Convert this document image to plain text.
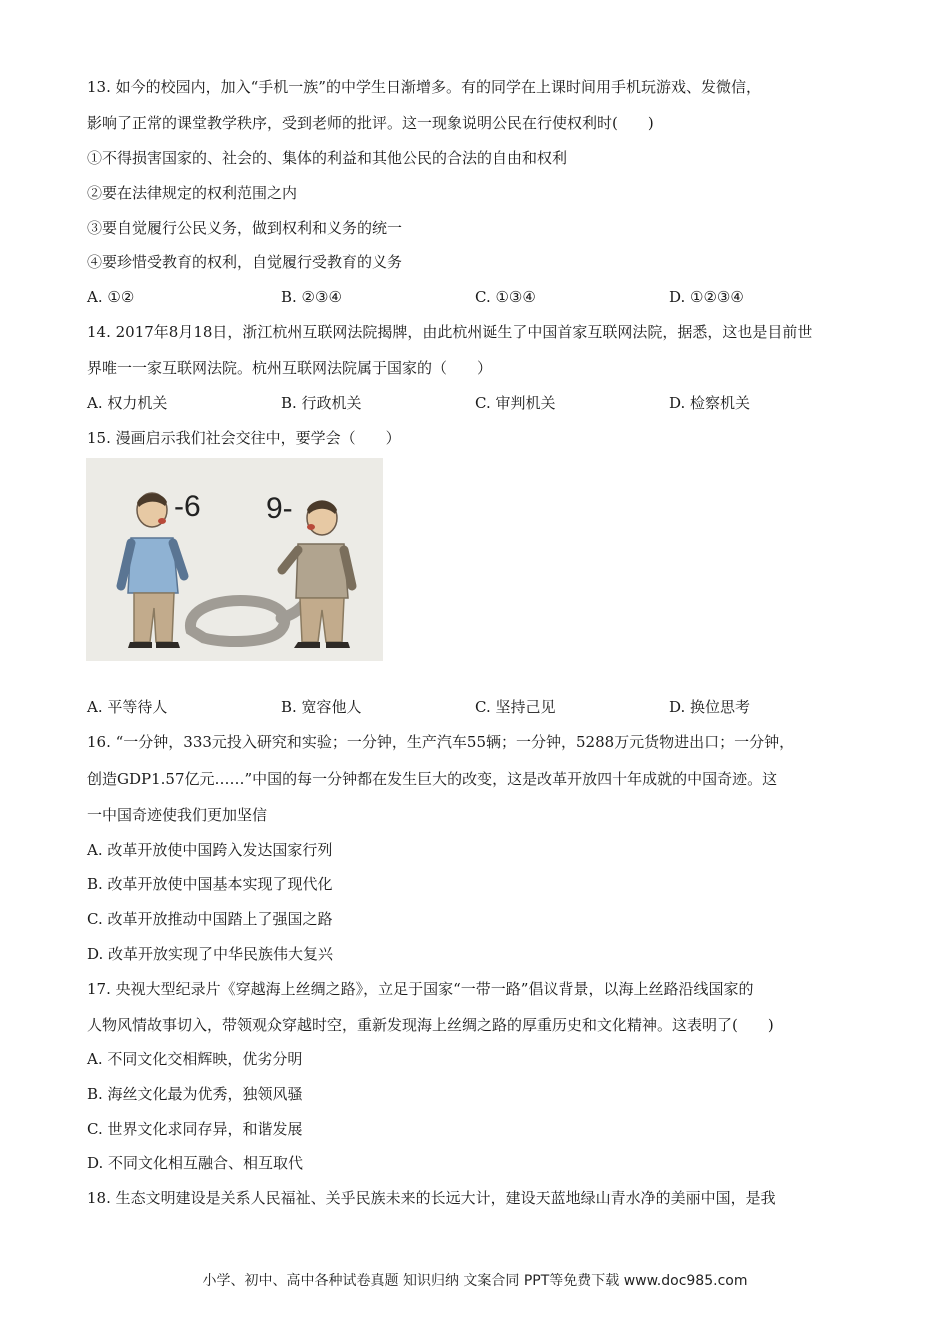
13. 如今的校园内，加入“手机一族”的中学生日渐增多。有的同学在上课时间用手机玩游戏、发微信，
影响了正常的课堂教学秩序，受到老师的批评。这一现象说明公民在行使权利时(　　)
①不得损害国家的、社会的、集体的利益和其他公民的合法的自由和权利
②要在法律规定的权利范围之内
③要自觉履行公民义务，做到权利和义务的统一
④要珍惜受教育的权利，自觉履行受教育的义务
A. ①②	B. ②③④	C. ①③④	D. ①②③④
14. 2017年8月18日，浙江杭州互联网法院揭牌，由此杭州诞生了中国首家互联网法院，据悉，这也是目前世
界唯一一家互联网法院。杭州互联网法院属于国家的（　　）
A. 权力机关	B. 行政机关	C. 审判机关	D. 检察机关
15. 漫画启示我们社会交往中，要学会（　　）
-6 9-
A. 平等待人	B. 宽容他人	C. 坚持己见	D. 换位思考
16. “一分钟，333元投入研究和实验；一分钟，生产汽车55辆；一分钟，5288万元货物进出口；一分钟，
创造GDP1.57亿元……”中国的每一分钟都在发生巨大的改变，这是改革开放四十年成就的中国奇迹。这
一中国奇迹使我们更加坚信
A. 改革开放使中国跨入发达国家行列
B. 改革开放使中国基本实现了现代化
C. 改革开放推动中国踏上了强国之路
D. 改革开放实现了中华民族伟大复兴
17. 央视大型纪录片《穿越海上丝绸之路》，立足于国家“一带一路”倡议背景，以海上丝路沿线国家的
人物风情故事切入，带领观众穿越时空，重新发现海上丝绸之路的厚重历史和文化精神。这表明了(　　)
A. 不同文化交相辉映，优劣分明
B. 海丝文化最为优秀，独领风骚
C. 世界文化求同存异，和谐发展
D. 不同文化相互融合、相互取代
18. 生态文明建设是关系人民福祉、关乎民族未来的长远大计，建设天蓝地绿山青水净的美丽中国，是我
小学、初中、高中各种试卷真题 知识归纳 文案合同 PPT等免费下载 www.doc985.com
